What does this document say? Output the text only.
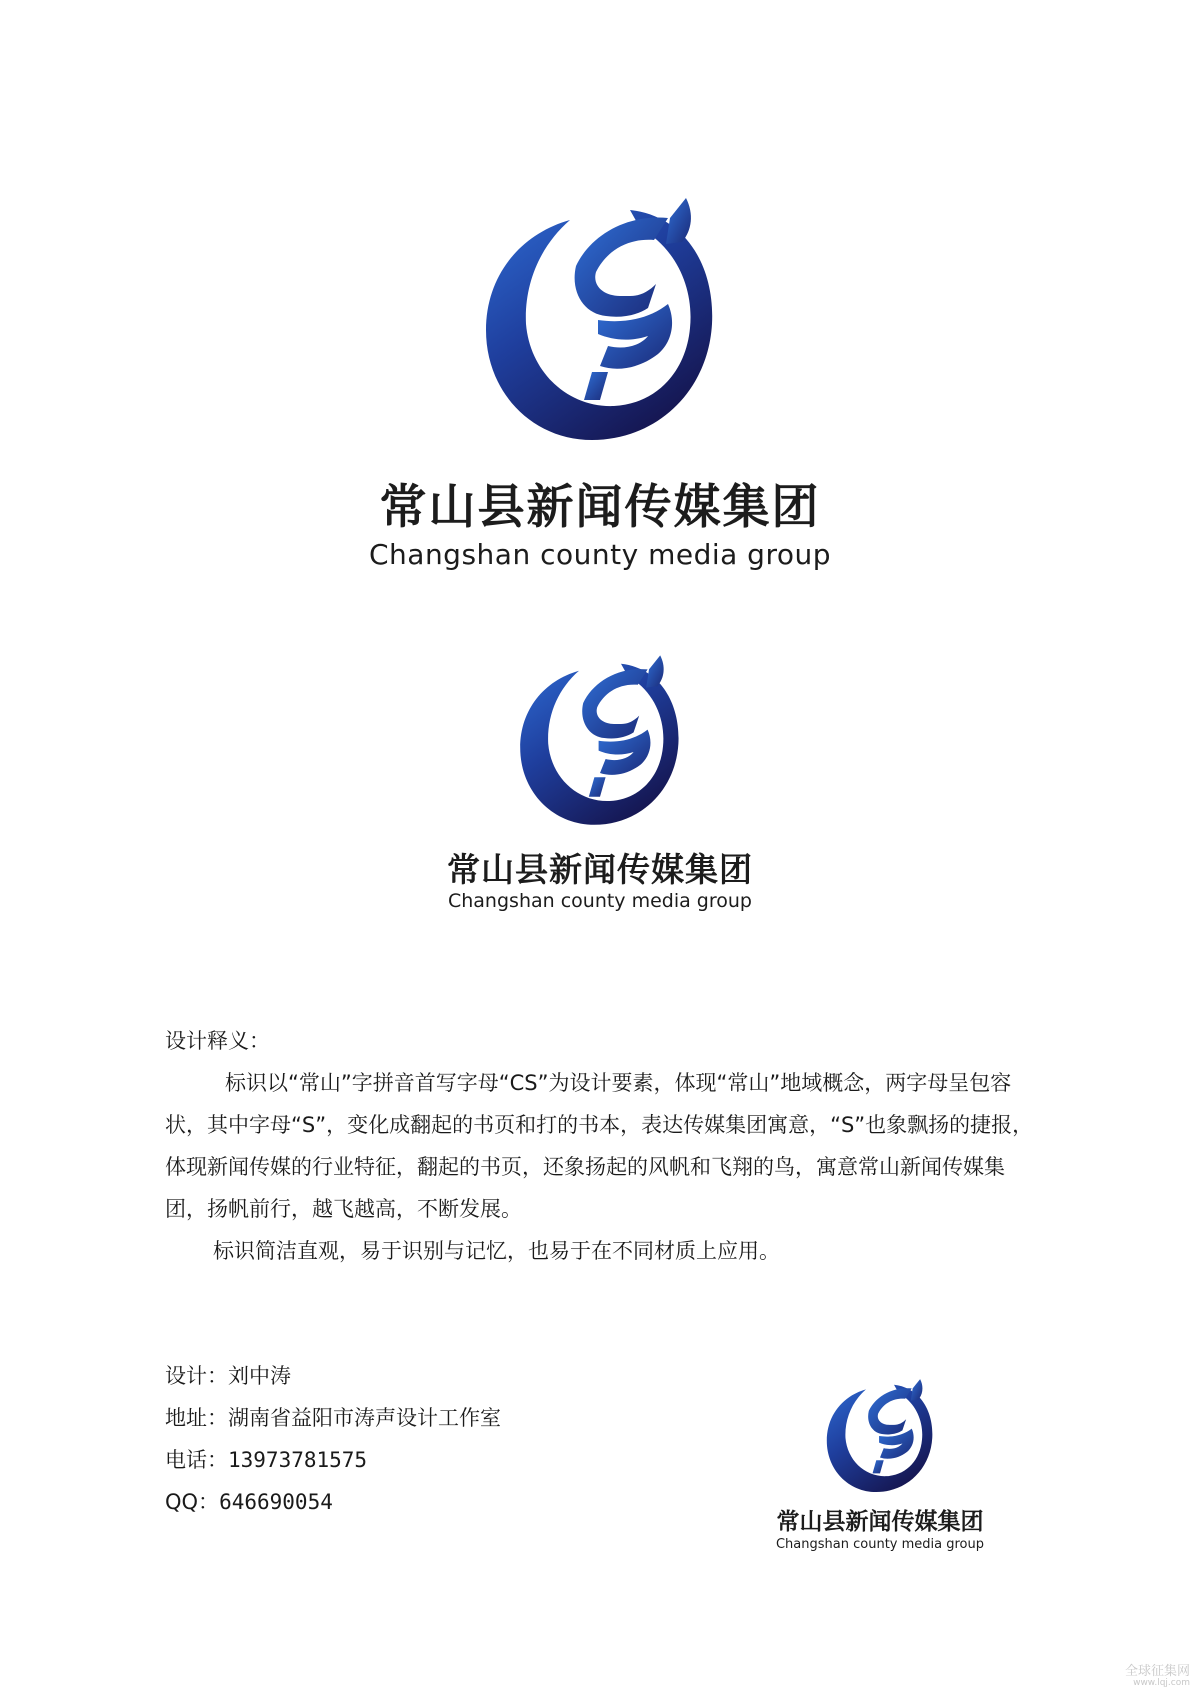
常山县新闻传媒集团
Changshan county media group
常山县新闻传媒集团
Changshan county media group

设计释义：

标识以“常山”字拼音首写字母“CS”为设计要素，体现“常山”地域概念，两字母呈包容状，其中字母“S”，变化成翻起的书页和打的书本，表达传媒集团寓意，“S”也象飘扬的捷报，体现新闻传媒的行业特征，翻起的书页，还象扬起的风帆和飞翔的鸟，寓意常山新闻传媒集团，扬帆前行，越飞越高，不断发展。

标识简洁直观，易于识别与记忆，也易于在不同材质上应用。

设计：刘中涛
地址：湖南省益阳市涛声设计工作室
电话：13973781575
QQ：646690054
常山县新闻传媒集团
Changshan county media group
全球征集网
www.lqj.com
